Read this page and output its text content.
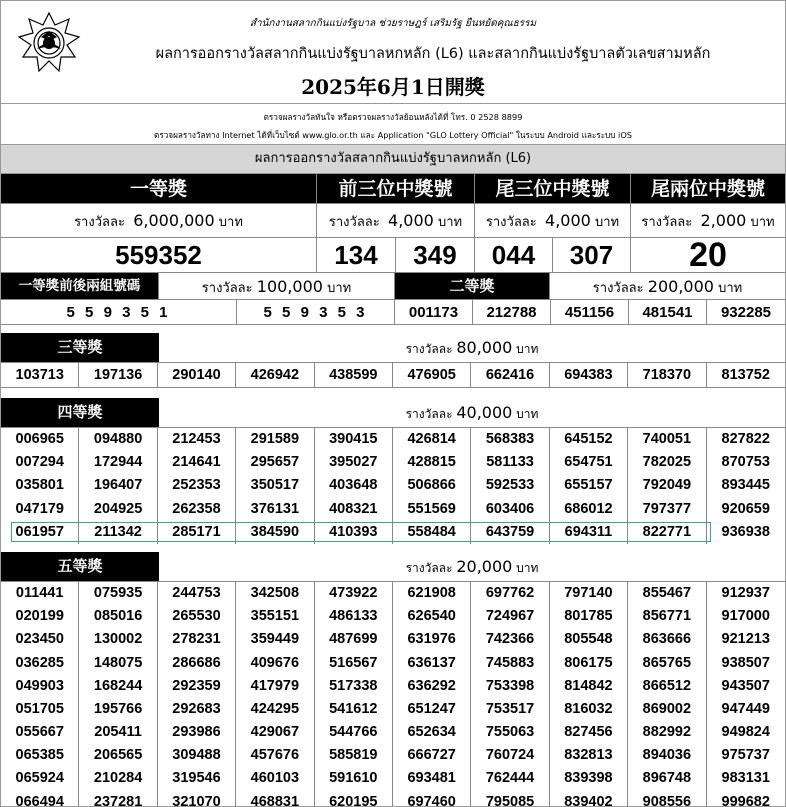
สำนักงานสลากกินแบ่งรัฐบาล ช่วยราษฎร์ เสริมรัฐ ยืนหยัดคุณธรรม
ผลการออกรางวัลสลากกินแบ่งรัฐบาลหกหลัก (L6) และสลากกินแบ่งรัฐบาลตัวเลขสามหลัก
2025年6月1日開獎
ตรวจผลรางวัลทันใจ หรือตรวจผลรางวัลย้อนหลังได้ที่ โทร. 0 2528 8899
ตรวจผลรางวัลทาง Internet ได้ที่เว็บไซต์ www.glo.or.th และ Application "GLO Lottery Official" ในระบบ Android และระบบ iOS
ผลการออกรางวัลสลากกินแบ่งรัฐบาลหกหลัก (L6)
一等獎	前三位中獎號	尾三位中獎號	尾兩位中獎號
รางวัลละ 6,000,000 บาท	รางวัลละ 4,000 บาท	รางวัลละ 4,000 บาท	รางวัลละ 2,000 บาท
559352	134	349	044	307	20
一等獎前後兩組號碼	รางวัลละ 100,000 บาท	二等獎	รางวัลละ 200,000 บาท
5 5 9 3 5 1	5 5 9 3 5 3	001173	212788	451156	481541	932285
三等獎	รางวัลละ 80,000 บาท
103713	197136	290140	426942	438599	476905	662416	694383	718370	813752
四等獎	รางวัลละ 40,000 บาท
006965	094880	212453	291589	390415	426814	568383	645152	740051	827822
007294	172944	214641	295657	395027	428815	581133	654751	782025	870753
035801	196407	252353	350517	403648	506866	592533	655157	792049	893445
047179	204925	262358	376131	408321	551569	603406	686012	797377	920659
061957	211342	285171	384590	410393	558484	643759	694311	822771	936938
五等獎	รางวัลละ 20,000 บาท
011441	075935	244753	342508	473922	621908	697762	797140	855467	912937
020199	085016	265530	355151	486133	626540	724967	801785	856771	917000
023450	130002	278231	359449	487699	631976	742366	805548	863666	921213
036285	148075	286686	409676	516567	636137	745883	806175	865765	938507
049903	168244	292359	417979	517338	636292	753398	814842	866512	943507
051705	195766	292683	424295	541612	651247	753517	816032	869002	947449
055667	205411	293986	429067	544766	652634	755063	827456	882992	949824
065385	206565	309488	457676	585819	666727	760724	832813	894036	975737
065924	210284	319546	460103	591610	693481	762444	839398	896748	983131
066494	237281	321070	468831	620195	697460	795085	839402	908556	999682
